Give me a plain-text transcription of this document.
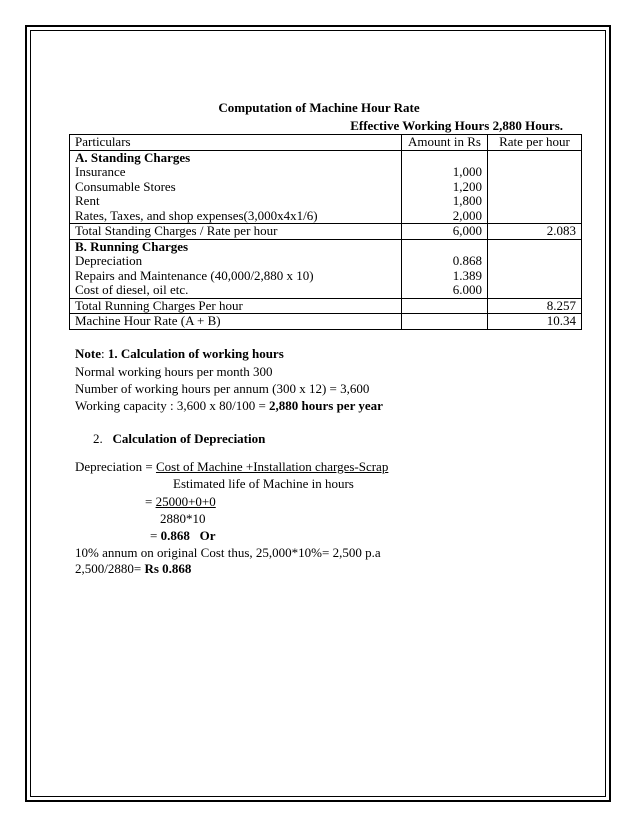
Computation of Machine Hour Rate
Effective Working Hours 2,880 Hours.
Particulars	Amount in Rs	Rate per hour
A. Standing Charges		
Insurance	1,000	
Consumable Stores	1,200	
Rent	1,800	
Rates, Taxes, and shop expenses(3,000x4x1/6)	2,000	
Total Standing Charges / Rate per hour	6,000	2.083
B. Running Charges		
Depreciation	0.868	
Repairs and Maintenance (40,000/2,880 x 10)	1.389	
Cost of diesel, oil etc.	6.000	
Total Running Charges Per hour		8.257
Machine Hour Rate (A + B)		10.34
Note: 1. Calculation of working hours
Normal working hours per month 300
Number of working hours per annum (300 x 12) = 3,600
Working capacity : 3,600 x 80/100 = 2,880 hours per year
2. Calculation of Depreciation
Depreciation = Cost of Machine +Installation charges-Scrap
Estimated life of Machine in hours
= 25000+0+0
2880*10
= 0.868   Or
10% annum on original Cost thus, 25,000*10%= 2,500 p.a
2,500/2880= Rs 0.868
